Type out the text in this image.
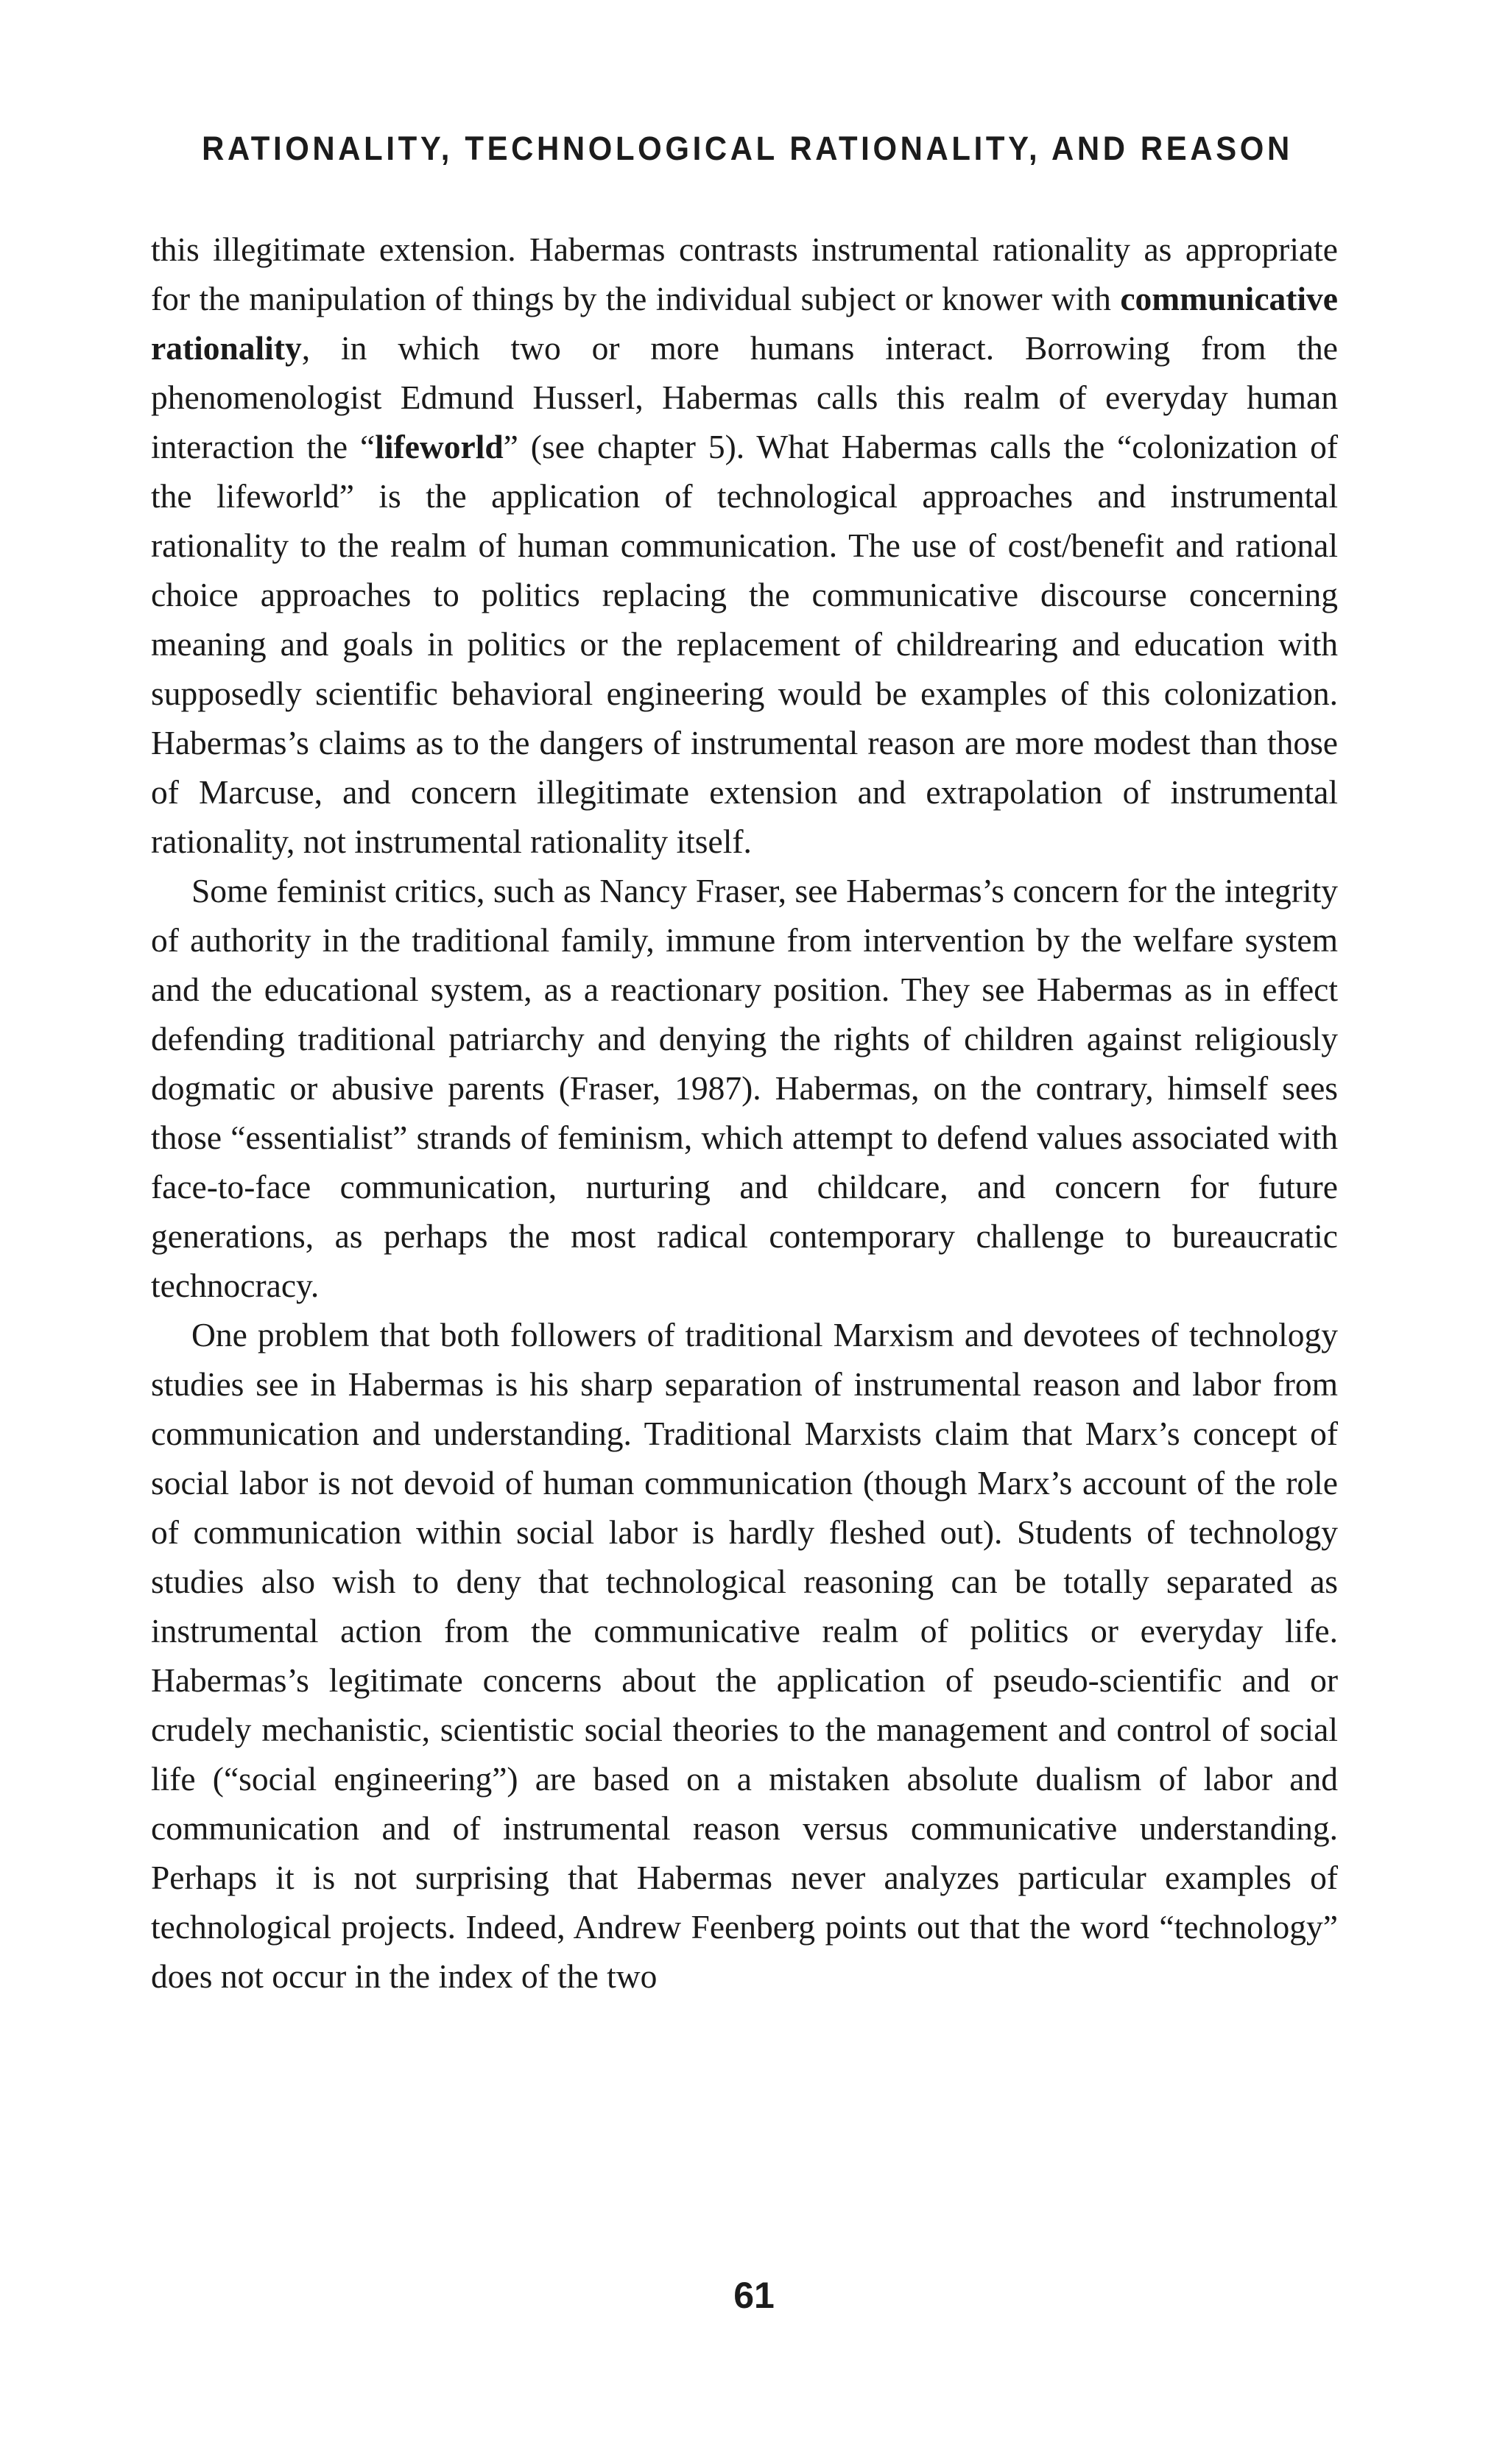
RATIONALITY, TECHNOLOGICAL RATIONALITY, AND REASON

this illegitimate extension. Habermas contrasts instrumental rationality as appropriate for the manipulation of things by the individual subject or knower with communicative rationality, in which two or more humans interact. Borrowing from the phenomenologist Edmund Husserl, Habermas calls this realm of everyday human interaction the “lifeworld” (see chapter 5). What Habermas calls the “colonization of the lifeworld” is the application of technological approaches and instrumental rationality to the realm of human communication. The use of cost/benefit and rational choice approaches to politics replacing the communicative discourse concerning meaning and goals in politics or the replacement of childrearing and education with supposedly scientific behavioral engineering would be examples of this colonization. Habermas’s claims as to the dangers of instrumental reason are more modest than those of Marcuse, and concern illegitimate extension and extrapolation of instrumental rationality, not instrumental rationality itself.

Some feminist critics, such as Nancy Fraser, see Habermas’s concern for the integrity of authority in the traditional family, immune from intervention by the welfare system and the educational system, as a reactionary position. They see Habermas as in effect defending traditional patriarchy and denying the rights of children against religiously dogmatic or abusive parents (Fraser, 1987). Habermas, on the contrary, himself sees those “essentialist” strands of feminism, which attempt to defend values associated with face-to-face communication, nurturing and childcare, and concern for future generations, as perhaps the most radical contemporary challenge to bureaucratic technocracy.

One problem that both followers of traditional Marxism and devotees of technology studies see in Habermas is his sharp separation of instrumental reason and labor from communication and understanding. Traditional Marxists claim that Marx’s concept of social labor is not devoid of human communication (though Marx’s account of the role of communication within social labor is hardly fleshed out). Students of technology studies also wish to deny that technological reasoning can be totally separated as instrumental action from the communicative realm of politics or everyday life. Habermas’s legitimate concerns about the application of pseudo-scientific and or crudely mechanistic, scientistic social theories to the management and control of social life (“social engineering”) are based on a mistaken absolute dualism of labor and communication and of instrumental reason versus communicative understanding. Perhaps it is not surprising that Habermas never analyzes particular examples of technological projects. Indeed, Andrew Feenberg points out that the word “technology” does not occur in the index of the two

61
